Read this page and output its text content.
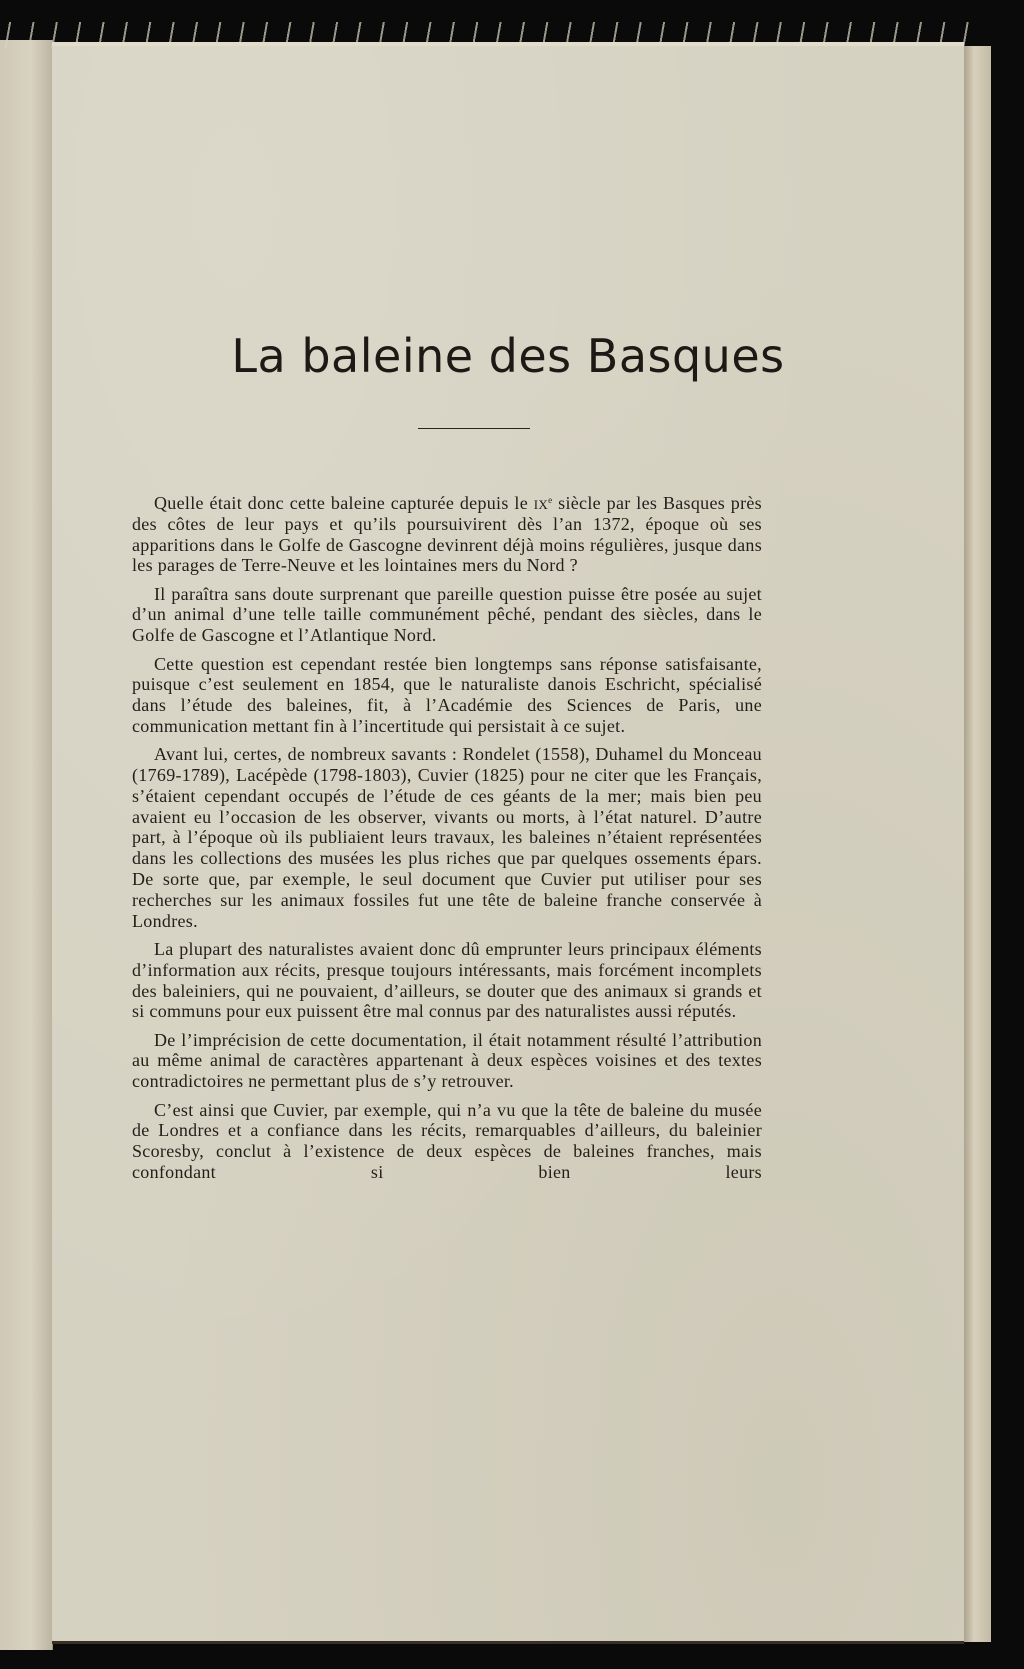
La baleine des Basques

Quelle était donc cette baleine capturée depuis le $ix^e$ siècle par les Basques près des côtes de leur pays et qu’ils poursuivirent dès l’an 1372, époque où ses apparitions dans le Golfe de Gascogne devinrent déjà moins régulières, jusque dans les parages de Terre-Neuve et les lointaines mers du Nord ?

Il paraîtra sans doute surprenant que pareille question puisse être posée au sujet d’un animal d’une telle taille communément pêché, pendant des siècles, dans le Golfe de Gascogne et l’Atlantique Nord.

Cette question est cependant restée bien longtemps sans réponse satisfaisante, puisque c’est seulement en 1854, que le naturaliste danois Eschricht, spécialisé dans l’étude des baleines, fit, à l’Académie des Sciences de Paris, une communication mettant fin à l’incertitude qui persistait à ce sujet.

Avant lui, certes, de nombreux savants : Rondelet (1558), Duhamel du Monceau (1769-1789), Lacépède (1798-1803), Cuvier (1825) pour ne citer que les Français, s’étaient cependant occupés de l’étude de ces géants de la mer; mais bien peu avaient eu l’occasion de les observer, vivants ou morts, à l’état naturel. D’autre part, à l’époque où ils publiaient leurs travaux, les baleines n’étaient représentées dans les collections des musées les plus riches que par quelques ossements épars. De sorte que, par exemple, le seul document que Cuvier put utiliser pour ses recherches sur les animaux fossiles fut une tête de baleine franche conservée à Londres.

La plupart des naturalistes avaient donc dû emprunter leurs principaux éléments d’information aux récits, presque toujours intéressants, mais forcément incomplets des baleiniers, qui ne pouvaient, d’ailleurs, se douter que des animaux si grands et si communs pour eux puissent être mal connus par des naturalistes aussi réputés.

De l’imprécision de cette documentation, il était notamment résulté l’attribution au même animal de caractères appartenant à deux espèces voisines et des textes contradictoires ne permettant plus de s’y retrouver.

C’est ainsi que Cuvier, par exemple, qui n’a vu que la tête de baleine du musée de Londres et a confiance dans les récits, remarquables d’ailleurs, du baleinier Scoresby, conclut à l’existence de deux espèces de baleines franches, mais confondant si bien leurs
